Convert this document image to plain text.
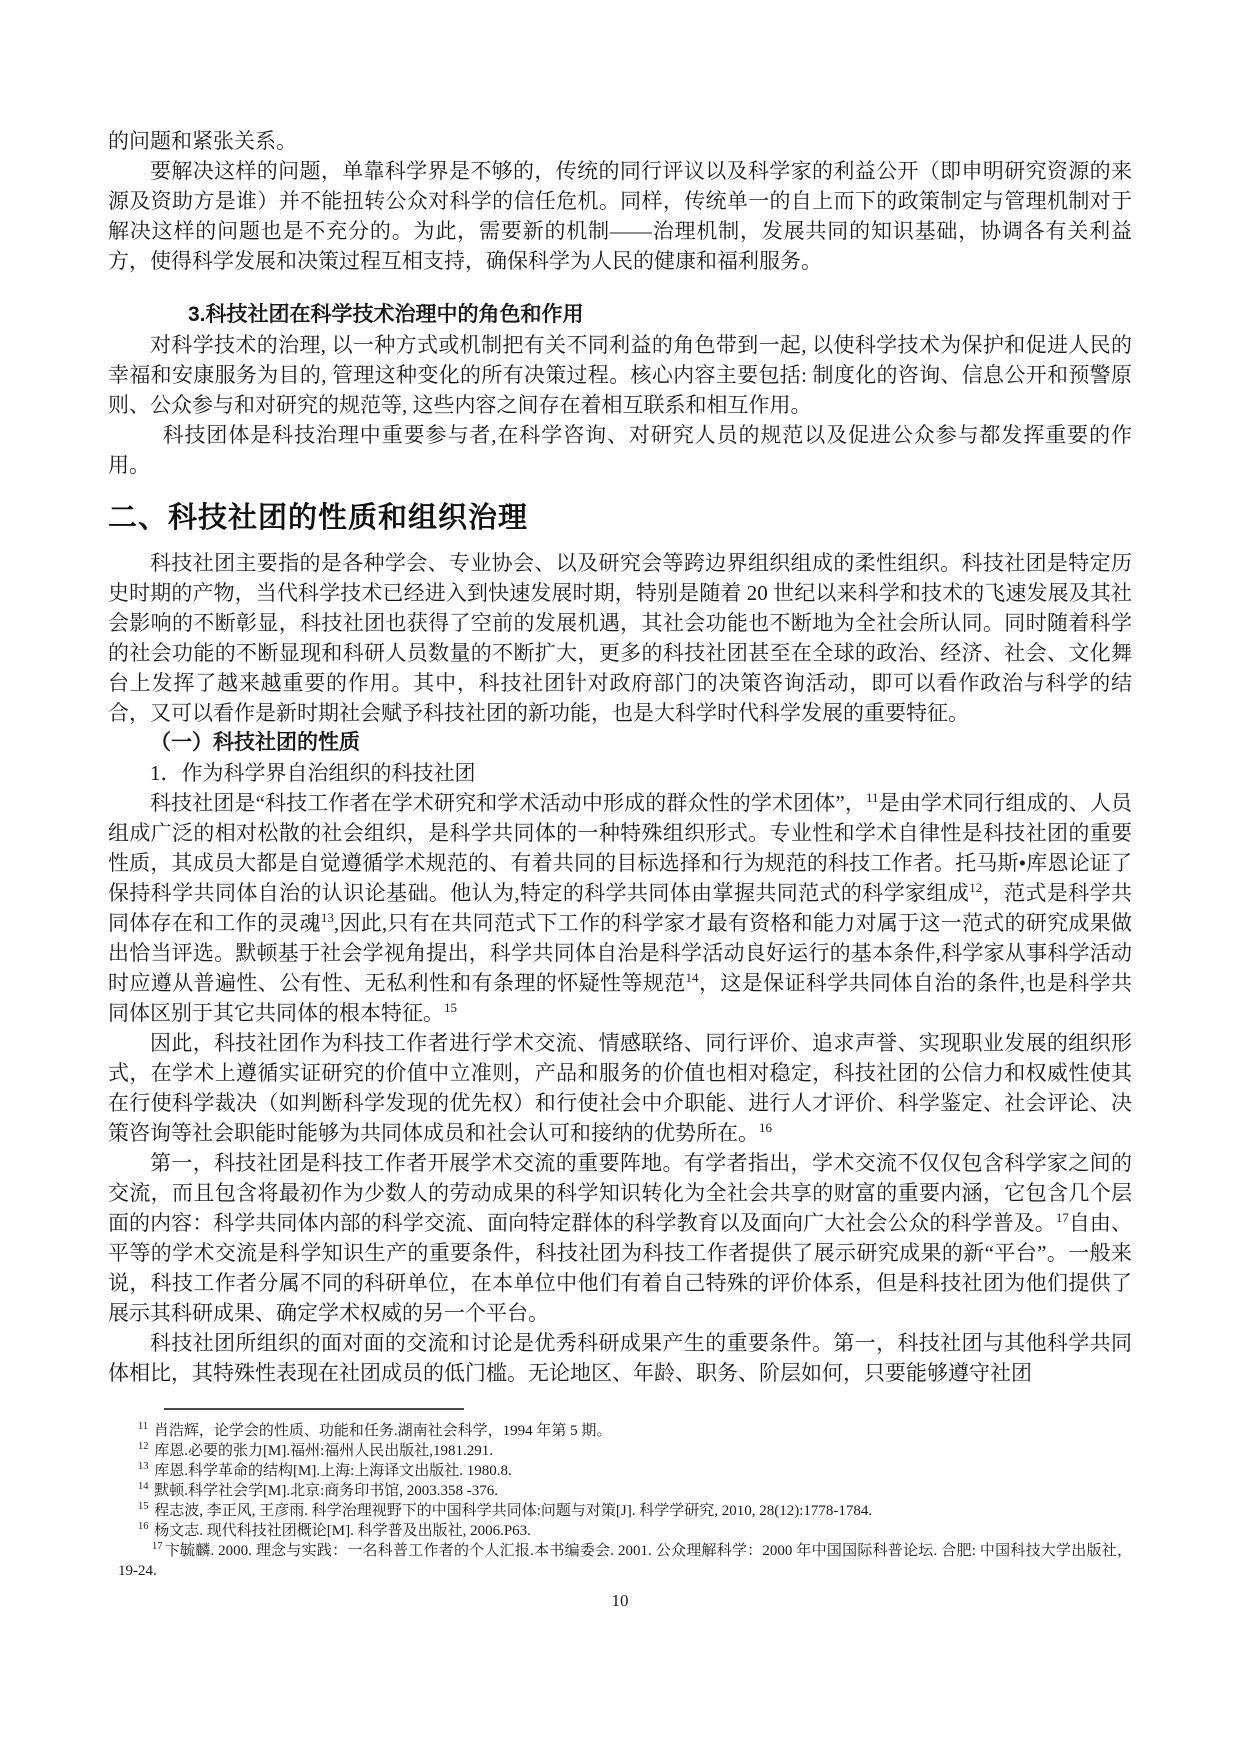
的问题和紧张关系。

要解决这样的问题，单靠科学界是不够的，传统的同行评议以及科学家的利益公开（即申明研究资源的来源及资助方是谁）并不能扭转公众对科学的信任危机。同样，传统单一的自上而下的政策制定与管理机制对于解决这样的问题也是不充分的。为此，需要新的机制——治理机制，发展共同的知识基础，协调各有关利益方，使得科学发展和决策过程互相支持，确保科学为人民的健康和福利服务。

3.科技社团在科学技术治理中的角色和作用

对科学技术的治理, 以一种方式或机制把有关不同利益的角色带到一起, 以使科学技术为保护和促进人民的幸福和安康服务为目的, 管理这种变化的所有决策过程。核心内容主要包括: 制度化的咨询、信息公开和预警原则、公众参与和对研究的规范等, 这些内容之间存在着相互联系和相互作用。

科技团体是科技治理中重要参与者,在科学咨询、对研究人员的规范以及促进公众参与都发挥重要的作用。

二、科技社团的性质和组织治理

科技社团主要指的是各种学会、专业协会、以及研究会等跨边界组织组成的柔性组织。科技社团是特定历史时期的产物，当代科学技术已经进入到快速发展时期，特别是随着 20 世纪以来科学和技术的飞速发展及其社会影响的不断彰显，科技社团也获得了空前的发展机遇，其社会功能也不断地为全社会所认同。同时随着科学的社会功能的不断显现和科研人员数量的不断扩大，更多的科技社团甚至在全球的政治、经济、社会、文化舞台上发挥了越来越重要的作用。其中，科技社团针对政府部门的决策咨询活动，即可以看作政治与科学的结合，又可以看作是新时期社会赋予科技社团的新功能，也是大科学时代科学发展的重要特征。

（一）科技社团的性质

1．作为科学界自治组织的科技社团

科技社团是“科技工作者在学术研究和学术活动中形成的群众性的学术团体”，$^{11}$是由学术同行组成的、人员组成广泛的相对松散的社会组织，是科学共同体的一种特殊组织形式。专业性和学术自律性是科技社团的重要性质，其成员大都是自觉遵循学术规范的、有着共同的目标选择和行为规范的科技工作者。托马斯•库恩论证了保持科学共同体自治的认识论基础。他认为,特定的科学共同体由掌握共同范式的科学家组成$^{12}$，范式是科学共同体存在和工作的灵魂$^{13}$,因此,只有在共同范式下工作的科学家才最有资格和能力对属于这一范式的研究成果做出恰当评选。默顿基于社会学视角提出，科学共同体自治是科学活动良好运行的基本条件,科学家从事科学活动时应遵从普遍性、公有性、无私利性和有条理的怀疑性等规范$^{14}$，这是保证科学共同体自治的条件,也是科学共同体区别于其它共同体的根本特征。$^{15}$

因此，科技社团作为科技工作者进行学术交流、情感联络、同行评价、追求声誉、实现职业发展的组织形式，在学术上遵循实证研究的价值中立准则，产品和服务的价值也相对稳定，科技社团的公信力和权威性使其在行使科学裁决（如判断科学发现的优先权）和行使社会中介职能、进行人才评价、科学鉴定、社会评论、决策咨询等社会职能时能够为共同体成员和社会认可和接纳的优势所在。$^{16}$

第一，科技社团是科技工作者开展学术交流的重要阵地。有学者指出，学术交流不仅仅包含科学家之间的交流，而且包含将最初作为少数人的劳动成果的科学知识转化为全社会共享的财富的重要内涵，它包含几个层面的内容：科学共同体内部的科学交流、面向特定群体的科学教育以及面向广大社会公众的科学普及。$^{17}$自由、平等的学术交流是科学知识生产的重要条件，科技社团为科技工作者提供了展示研究成果的新“平台”。一般来说，科技工作者分属不同的科研单位，在本单位中他们有着自己特殊的评价体系，但是科技社团为他们提供了展示其科研成果、确定学术权威的另一个平台。

科技社团所组织的面对面的交流和讨论是优秀科研成果产生的重要条件。第一，科技社团与其他科学共同体相比，其特殊性表现在社团成员的低门槛。无论地区、年龄、职务、阶层如何，只要能够遵守社团

$^{11}$ 肖浩辉，论学会的性质、功能和任务.湖南社会科学，1994 年第 5 期。

$^{12}$ 库恩.必要的张力[M].福州:福州人民出版社,1981.291.

$^{13}$ 库恩.科学革命的结构[M].上海:上海译文出版社. 1980.8.

$^{14}$ 默顿.科学社会学[M].北京:商务印书馆, 2003.358 -376.

$^{15}$ 程志波, 李正风, 王彦雨. 科学治理视野下的中国科学共同体:问题与对策[J]. 科学学研究, 2010, 28(12):1778-1784.

$^{16}$ 杨文志. 现代科技社团概论[M]. 科学普及出版社, 2006.P63.

$^{17}$ 卞毓麟. 2000. 理念与实践：一名科普工作者的个人汇报.本书编委会. 2001. 公众理解科学：2000 年中国国际科普论坛. 合肥: 中国科技大学出版社， 19-24.

10
